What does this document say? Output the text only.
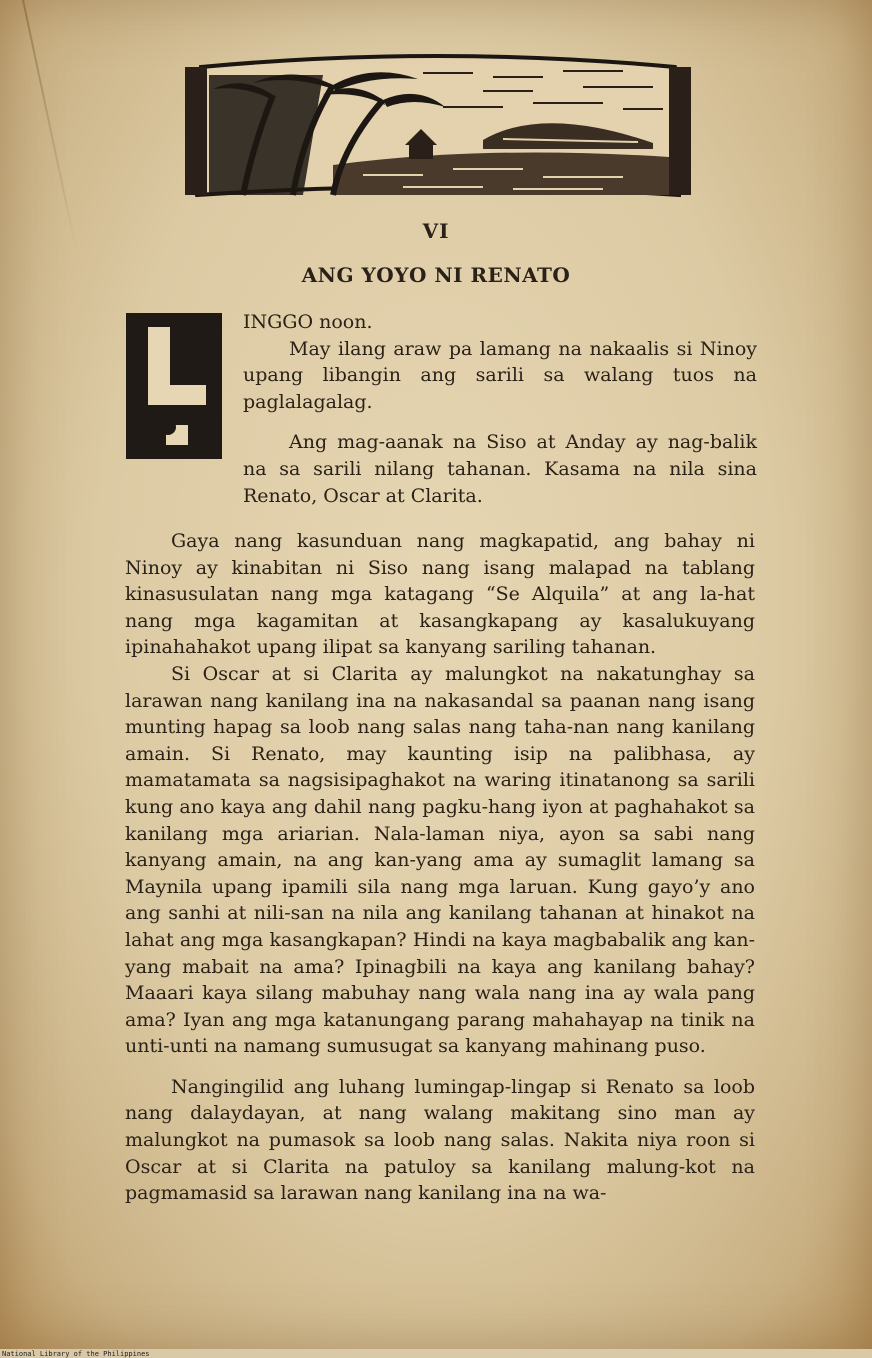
VI
ANG YOYO NI RENATO

INGGO noon.

May ilang araw pa lamang na nakaalis si Ninoy upang libangin ang sarili sa walang tuos na paglalagalag.

Ang mag-aanak na Siso at Anday ay nag-balik na sa sarili nilang tahanan. Kasama na nila sina Renato, Oscar at Clarita.

Gaya nang kasunduan nang magkapatid, ang bahay ni Ninoy ay kinabitan ni Siso nang isang malapad na tablang kinasusulatan nang mga katagang “Se Alquila” at ang la-hat nang mga kagamitan at kasangkapang ay kasalukuyang ipinahahakot upang ilipat sa kanyang sariling tahanan.

Si Oscar at si Clarita ay malungkot na nakatunghay sa larawan nang kanilang ina na nakasandal sa paanan nang isang munting hapag sa loob nang salas nang taha-nan nang kanilang amain. Si Renato, may kaunting isip na palibhasa, ay mamatamata sa nagsisipaghakot na waring itinatanong sa sarili kung ano kaya ang dahil nang pagku-hang iyon at paghahakot sa kanilang mga ariarian. Nala-laman niya, ayon sa sabi nang kanyang amain, na ang kan-yang ama ay sumaglit lamang sa Maynila upang ipamili sila nang mga laruan. Kung gayo’y ano ang sanhi at nili-san na nila ang kanilang tahanan at hinakot na lahat ang mga kasangkapan? Hindi na kaya magbabalik ang kan-yang mabait na ama? Ipinagbili na kaya ang kanilang bahay? Maaari kaya silang mabuhay nang wala nang ina ay wala pang ama? Iyan ang mga katanungang parang mahahayap na tinik na unti-unti na namang sumusugat sa kanyang mahinang puso.

Nangingilid ang luhang lumingap-lingap si Renato sa loob nang dalaydayan, at nang walang makitang sino man ay malungkot na pumasok sa loob nang salas. Nakita niya roon si Oscar at si Clarita na patuloy sa kanilang malung-kot na pagmamasid sa larawan nang kanilang ina na wa-

National Library of the Philippines
